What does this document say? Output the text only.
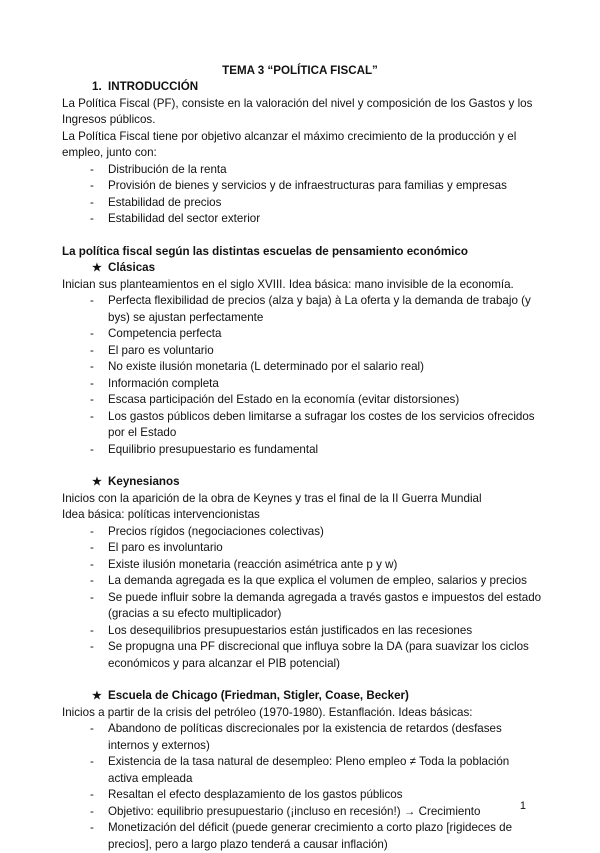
TEMA 3 “POLÍTICA FISCAL”
1. INTRODUCCIÓN

La Política Fiscal (PF), consiste en la valoración del nivel y composición de los Gastos y los Ingresos públicos.

La Política Fiscal tiene por objetivo alcanzar el máximo crecimiento de la producción y el empleo, junto con:

- Distribución de la renta
- Provisión de bienes y servicios y de infraestructuras para familias y empresas
- Estabilidad de precios
- Estabilidad del sector exterior

La política fiscal según las distintas escuelas de pensamiento económico

★ Clásicas

Inician sus planteamientos en el siglo XVIII. Idea básica: mano invisible de la economía.

- Perfecta flexibilidad de precios (alza y baja) à La oferta y la demanda de trabajo (y bys) se ajustan perfectamente
- Competencia perfecta
- El paro es voluntario
- No existe ilusión monetaria (L determinado por el salario real)
- Información completa
- Escasa participación del Estado en la economía (evitar distorsiones)
- Los gastos públicos deben limitarse a sufragar los costes de los servicios ofrecidos por el Estado
- Equilibrio presupuestario es fundamental
★ Keynesianos

Inicios con la aparición de la obra de Keynes y tras el final de la II Guerra Mundial

Idea básica: políticas intervencionistas

- Precios rígidos (negociaciones colectivas)
- El paro es involuntario
- Existe ilusión monetaria (reacción asimétrica ante p y w)
- La demanda agregada es la que explica el volumen de empleo, salarios y precios
- Se puede influir sobre la demanda agregada a través gastos e impuestos del estado (gracias a su efecto multiplicador)
- Los desequilibrios presupuestarios están justificados en las recesiones
- Se propugna una PF discrecional que influya sobre la DA (para suavizar los ciclos económicos y para alcanzar el PIB potencial)
★ Escuela de Chicago (Friedman, Stigler, Coase, Becker)

Inicios a partir de la crisis del petróleo (1970-1980). Estanflación. Ideas básicas:

- Abandono de políticas discrecionales por la existencia de retardos (desfases internos y externos)
- Existencia de la tasa natural de desempleo: Pleno empleo ≠ Toda la población activa empleada
- Resaltan el efecto desplazamiento de los gastos públicos
- Objetivo: equilibrio presupuestario (¡incluso en recesión!) → Crecimiento
- Monetización del déficit (puede generar crecimiento a corto plazo [rigideces de precios], pero a largo plazo tenderá a causar inflación)
1
